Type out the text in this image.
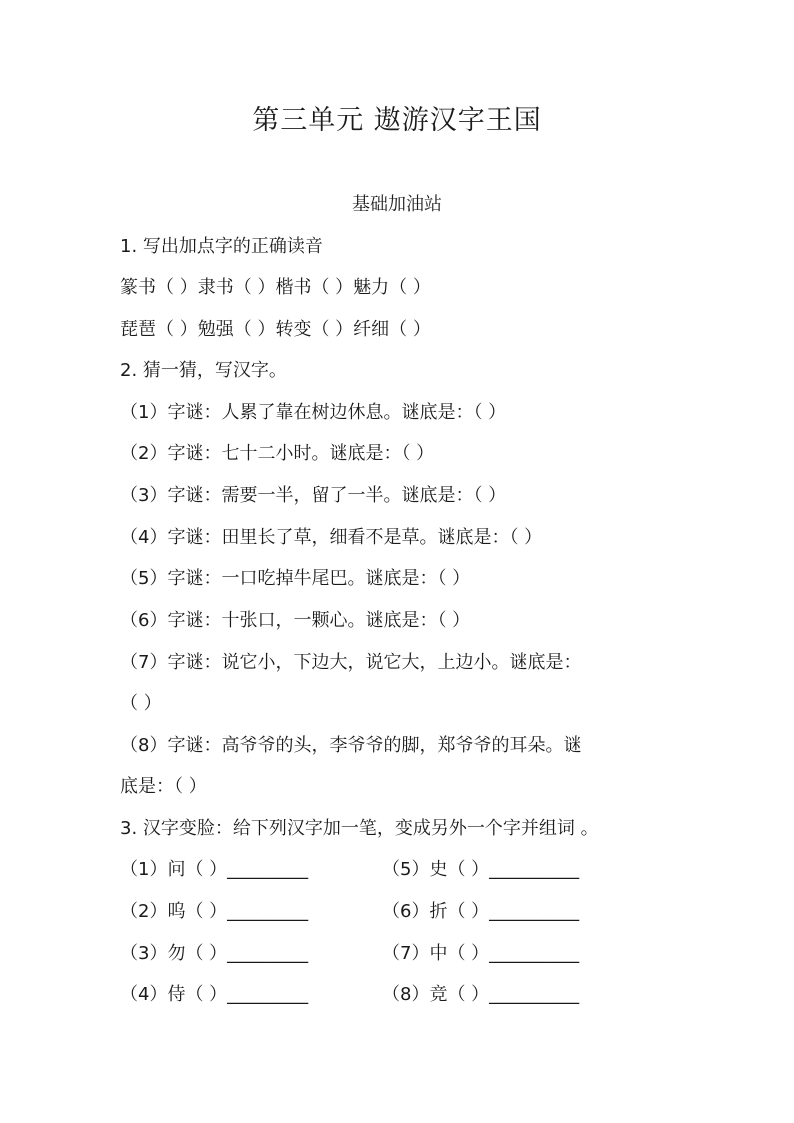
第三单元 遨游汉字王国
基础加油站
1. 写出加点字的正确读音
篆书（ ）隶书（ ）楷书（ ）魅力（ ）
琵琶（ ）勉强（ ）转变（ ）纤细（ ）
2. 猜一猜，写汉字。
（1）字谜：人累了靠在树边休息。谜底是：（ ）
（2）字谜：七十二小时。谜底是：（ ）
（3）字谜：需要一半，留了一半。谜底是：（ ）
（4）字谜：田里长了草，细看不是草。谜底是：（ ）
（5）字谜：一口吃掉牛尾巴。谜底是：（ ）
（6）字谜：十张口，一颗心。谜底是：（ ）
（7）字谜：说它小，下边大，说它大，上边小。谜底是：
（ ）
（8）字谜：高爷爷的头，李爷爷的脚，郑爷爷的耳朵。谜
底是：（ ）
3. 汉字变脸：给下列汉字加一笔，变成另外一个字并组词 。
（1）问（ ）_________
（2）呜（ ）_________
（3）勿（ ）_________
（4）侍（ ）_________
（5）史（ ）__________
（6）折（ ）__________
（7）中（ ）__________
（8）竞（ ）__________
